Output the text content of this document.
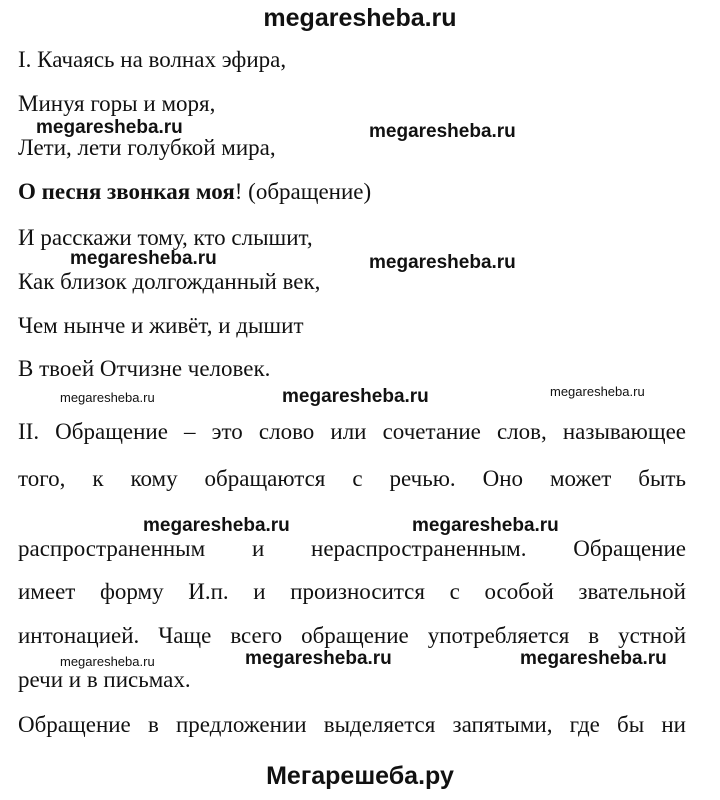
megaresheba.ru
I. Качаясь на волнах эфира,
Минуя горы и моря,
Лети, лети голубкой мира,
О песня звонкая моя! (обращение)
И расскажи тому, кто слышит,
Как близок долгожданный век,
Чем нынче и живёт, и дышит
В твоей Отчизне человек.
II. Обращение – это слово или сочетание слов, называющее
того, к кому обращаются с речью. Оно может быть
распространенным и нераспространенным. Обращение
имеет форму И.п. и произносится с особой звательной
интонацией. Чаще всего обращение употребляется в устной
речи и в письмах.
Обращение в предложении выделяется запятыми, где бы ни
megaresheba.ru	megaresheba.ru
megaresheba.ru	megaresheba.ru
megaresheba.ru	megaresheba.ru	megaresheba.ru
megaresheba.ru	megaresheba.ru
megaresheba.ru	megaresheba.ru	megaresheba.ru
Мегарешеба.ру
